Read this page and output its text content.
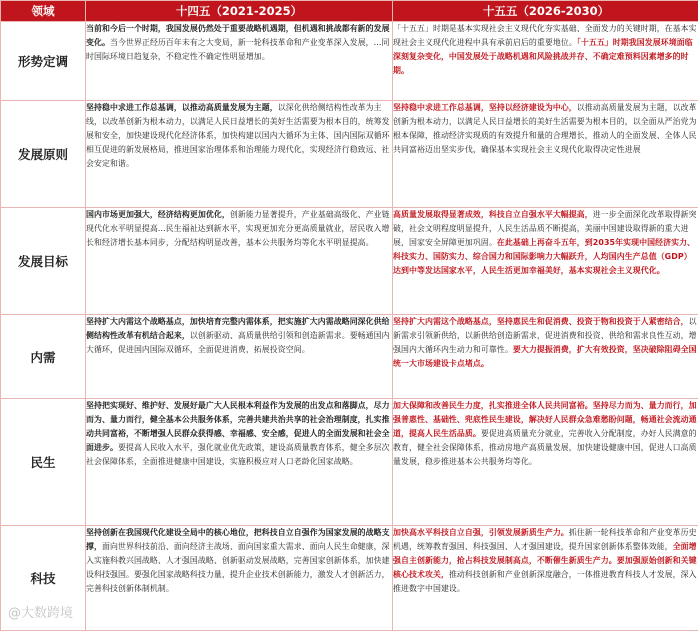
领域	十四五（2021-2025）	十五五（2026-2030）
形势定调	当前和今后一个时期，我国发展仍然处于重要战略机遇期，但机遇和挑战都有新的发展变化。当今世界正经历百年未有之大变局，新一轮科技革命和产业变革深入发展，...同时国际环境日趋复杂，不稳定性不确定性明显增加。	「十五五」时期是基本实现社会主义现代化夯实基础、全面发力的关键时期，在基本实现社会主义现代化进程中具有承前启后的重要地位。「十五五」时期我国发展环境面临深刻复杂变化，中国发展处于战略机遇和风险挑战并存、不确定难预料因素增多的时期。

发展原则	坚持稳中求进工作总基调，以推动高质量发展为主题，以深化供给侧结构性改革为主线，以改革创新为根本动力，以满足人民日益增长的美好生活需要为根本目的，统筹发展和安全，加快建设现代化经济体系，加快构建以国内大循环为主体、国内国际双循环相互促进的新发展格局，推进国家治理体系和治理能力现代化，实现经济行稳致远、社会安定和谐。	坚持稳中求进工作总基调，坚持以经济建设为中心，以推动高质量发展为主题，以改革创新为根本动力，以满足人民日益增长的美好生活需要为根本目的，以全面从严治党为根本保障，推动经济实现质的有效提升和量的合理增长，推动人的全面发展、全体人民共同富裕迈出坚实步伐，确保基本实现社会主义现代化取得决定性进展

发展目标	国内市场更加强大，经济结构更加优化，创新能力显著提升，产业基础高级化、产业链现代化水平明显提高...民生福祉达到新水平，实现更加充分更高质量就业，居民收入增长和经济增长基本同步，分配结构明显改善，基本公共服务均等化水平明显提高。	高质量发展取得显著成效，科技自立自强水平大幅提高，进一步全面深化改革取得新突破，社会文明程度明显提升，人民生活品质不断提高，美丽中国建设取得新的重大进展，国家安全屏障更加巩固。在此基础上再奋斗五年，到2035年实现中国经济实力、科技实力、国防实力、综合国力和国际影响力大幅跃升，人均国内生产总值（GDP）达到中等发达国家水平，人民生活更加幸福美好，基本实现社会主义现代化。

内需	坚持扩大内需这个战略基点，加快培育完整内需体系，把实施扩大内需战略同深化供给侧结构性改革有机结合起来，以创新驱动、高质量供给引领和创造新需求。要畅通国内大循环，促进国内国际双循环，全面促进消费，拓展投资空间。	坚持扩大内需这个战略基点，坚持惠民生和促消费、投资于物和投资于人紧密结合，以新需求引领新供给，以新供给创造新需求，促进消费和投资、供给和需求良性互动，增强国内大循环内生动力和可靠性。要大力提振消费，扩大有效投资，坚决破除阻碍全国统一大市场建设卡点堵点。

民生	坚持把实现好、维护好、发展好最广大人民根本利益作为发展的出发点和落脚点，尽力而为、量力而行，健全基本公共服务体系，完善共建共治共享的社会治理制度，扎实推动共同富裕，不断增强人民群众获得感、幸福感、安全感，促进人的全面发展和社会全面进步。要提高人民收入水平，强化就业优先政策，建设高质量教育体系，健全多层次社会保障体系，全面推进健康中国建设，实施积极应对人口老龄化国家战略。	加大保障和改善民生力度，扎实推进全体人民共同富裕。坚持尽力而为、量力而行，加强普惠性、基础性、兜底性民生建设，解决好人民群众急难愁盼问题，畅通社会流动通道，提高人民生活品质。要促进高质量充分就业，完善收入分配制度，办好人民满意的教育，健全社会保障体系，推动房地产高质量发展，加快建设健康中国，促进人口高质量发展，稳步推进基本公共服务均等化。

科技	坚持创新在我国现代化建设全局中的核心地位，把科技自立自强作为国家发展的战略支撑，面向世界科技前沿、面向经济主战场、面向国家重大需求、面向人民生命健康，深入实施科教兴国战略、人才强国战略、创新驱动发展战略，完善国家创新体系，加快建设科技强国。要强化国家战略科技力量，提升企业技术创新能力，激发人才创新活力，完善科技创新体制机制。	加快高水平科技自立自强，引领发展新质生产力。抓住新一轮科技革命和产业变革历史机遇，统筹教育强国、科技强国、人才强国建设，提升国家创新体系整体效能，全面增强自主创新能力，抢占科技发展制高点，不断催生新质生产力。要加强原始创新和关键核心技术攻关，推动科技创新和产业创新深度融合，一体推进教育科技人才发展，深入推进数字中国建设。

@大数跨境
